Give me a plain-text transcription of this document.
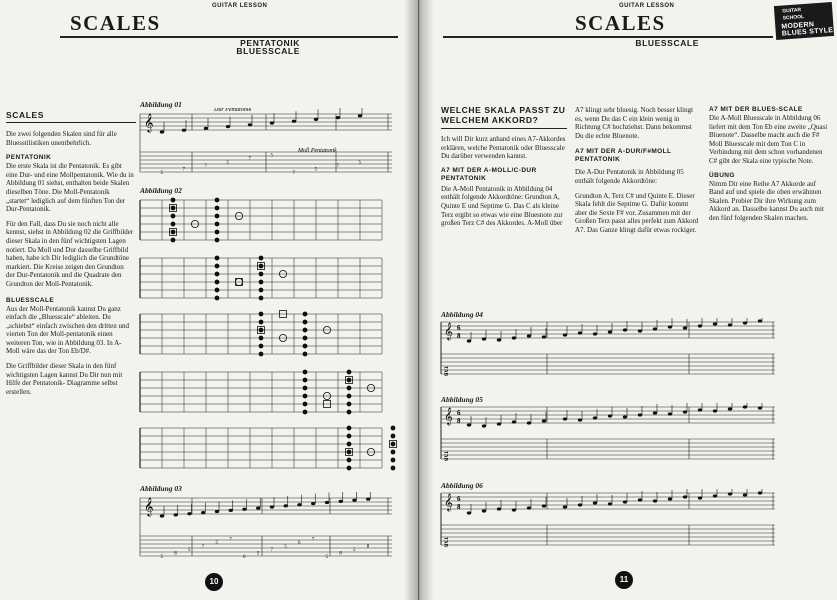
GUITAR LESSON
SCALES
PENTATONIK
BLUESSCALE
SCALES
Die zwei folgenden Skalen sind für alle Bluesstilistiken unentbehrlich.
PENTATONIK
Die erste Skala ist die Pentatonik. Es gibt eine Dur- und eine Mollpentatonik. Wie du in Abbildung 01 siehst, enthalten beide Skalen dieselben Töne. Die Moll-Pentatonik „startet“ lediglich auf dem fünften Ton der Dur-Pentatonik.
Für den Fall, dass Du sie noch nicht alle kennst, siehst in Abbildung 02 die Griffbilder dieser Skala in den fünf wichtigsten Lagen notiert. Da Moll und Dur dasselbe Griffbild haben, habe ich Dir lediglich die Grundtöne markiert. Die Kreise zeigen den Grundton der Dur-Pentatonik und die Quadrate den Grundton der Moll-Pentatonik.
BLUESSCALE
Aus der Moll-Pentatonik kannst Du ganz einfach die „Bluesscale“ ableiten. Du „schiebst“ einfach zwischen den dritten und vierten Ton der Moll-pentatonik einen weiteren Ton, wie in Abbildung 03. In A-Moll wäre das der Ton Eb/D#.
Die Griffbilder dieser Skala in den fünf wichtigsten Lagen kannst Du Dir nun mit Hilfe der Pentatonik- Diagramme selbst erstellen.
Abbildung 01
Dur Pentatonik
Moll Pentatonik
𝄞
5
7
7
5
7
5
7
5
7
5
Abbildung 02
Abbildung 03
𝄞
5
8
5
7
5
7
6
5
7
5
6
7
5
8
5
8
10
GUITAR LESSON
SCALES
BLUESSCALE
GUITAR
SCHOOL
MODERN BLUES STYLE
WELCHE SKALA PASST ZU WELCHEM AKKORD?
Ich will Dir kurz anhand eines A7-Akkordes erklären, welche Pentatonik oder Bluesscale Du darüber verwenden kannst.
A7 MIT DER A-MOLL/C-DUR PENTATONIK
Die A-Moll Pentatonik in Abbildung 04 enthält folgende Akkordtöne: Grundton A, Quinte E und Septime G. Das C als kleine Terz ergibt so etwas wie eine Bluesnote zur großen Terz C# des Akkordes. A-Moll über
A7 klingt sehr bluesig. Noch besser klingt es, wenn Du das C ein klein wenig in Richtung C# hochziehst. Dann bekommst Du die echte Bluenote.
A7 MIT DER A-DUR/F#MOLL PENTATONIK
Die A-Dur Pentatonik in Abbildung 05 enthält folgende Akkordtöne:
Grundton A, Terz C# und Quinte E. Dieser Skala fehlt die Septime G. Dafür kommt aber die Sexte F# vor. Zusammen mit der Großen Terz passt alles perfekt zum Akkord A7. Das Ganze klingt dafür etwas rockiger.
A7 MIT DER BLUES-SCALE
Die A-Moll Bluesscale in Abbildung 06 liefert mit dem Ton Eb eine zweite „Quasi Bluenote“. Dasselbe macht auch die F# Moll Bluesscale mit dem Ton C in Verbindung mit dem schon vorhandenen C# gibt der Skala eine typische Note.
ÜBUNG
Nimm Dir eine Reihe A7 Akkorde auf Band auf und spiele die oben erwähnten Skalen. Probier Dir ihre Wirkung zum Akkord an. Dasselbe kannst Du auch mit den fünf folgenden Skalen machen.
Abbildung 04
𝄞 6
8
TAB
Abbildung 05
𝄞 6
8
TAB
Abbildung 06
𝄞 6
8
TAB
11
